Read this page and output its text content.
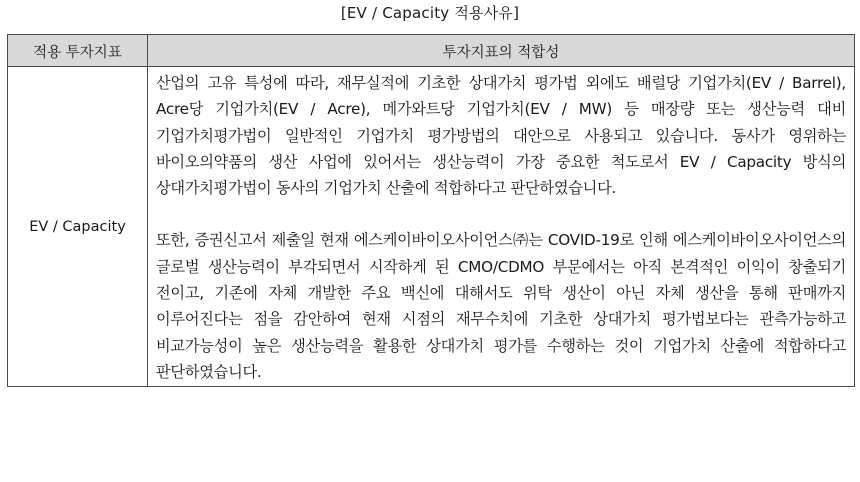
[EV / Capacity 적용사유]
적용 투자지표	투자지표의 적합성
EV / Capacity	산업의 고유 특성에 따라, 재무실적에 기초한 상대가치 평가법 외에도 배럴당 기업가치(EV / Barrel), Acre당 기업가치(EV / Acre), 메가와트당 기업가치(EV / MW) 등 매장량 또는 생산능력 대비 기업가치평가법이 일반적인 기업가치 평가방법의 대안으로 사용되고 있습니다. 동사가 영위하는 바이오의약품의 생산 사업에 있어서는 생산능력이 가장 중요한 척도로서 EV / Capacity 방식의 상대가치평가법이 동사의 기업가치 산출에 적합하다고 판단하였습니다.

또한, 증권신고서 제출일 현재 에스케이바이오사이언스㈜는 COVID-19로 인해 에스케이바이오사이언스의 글로벌 생산능력이 부각되면서 시작하게 된 CMO/CDMO 부문에서는 아직 본격적인 이익이 창출되기 전이고, 기존에 자체 개발한 주요 백신에 대해서도 위탁 생산이 아닌 자체 생산을 통해 판매까지 이루어진다는 점을 감안하여 현재 시점의 재무수치에 기초한 상대가치 평가법보다는 관측가능하고 비교가능성이 높은 생산능력을 활용한 상대가치 평가를 수행하는 것이 기업가치 산출에 적합하다고 판단하였습니다.
